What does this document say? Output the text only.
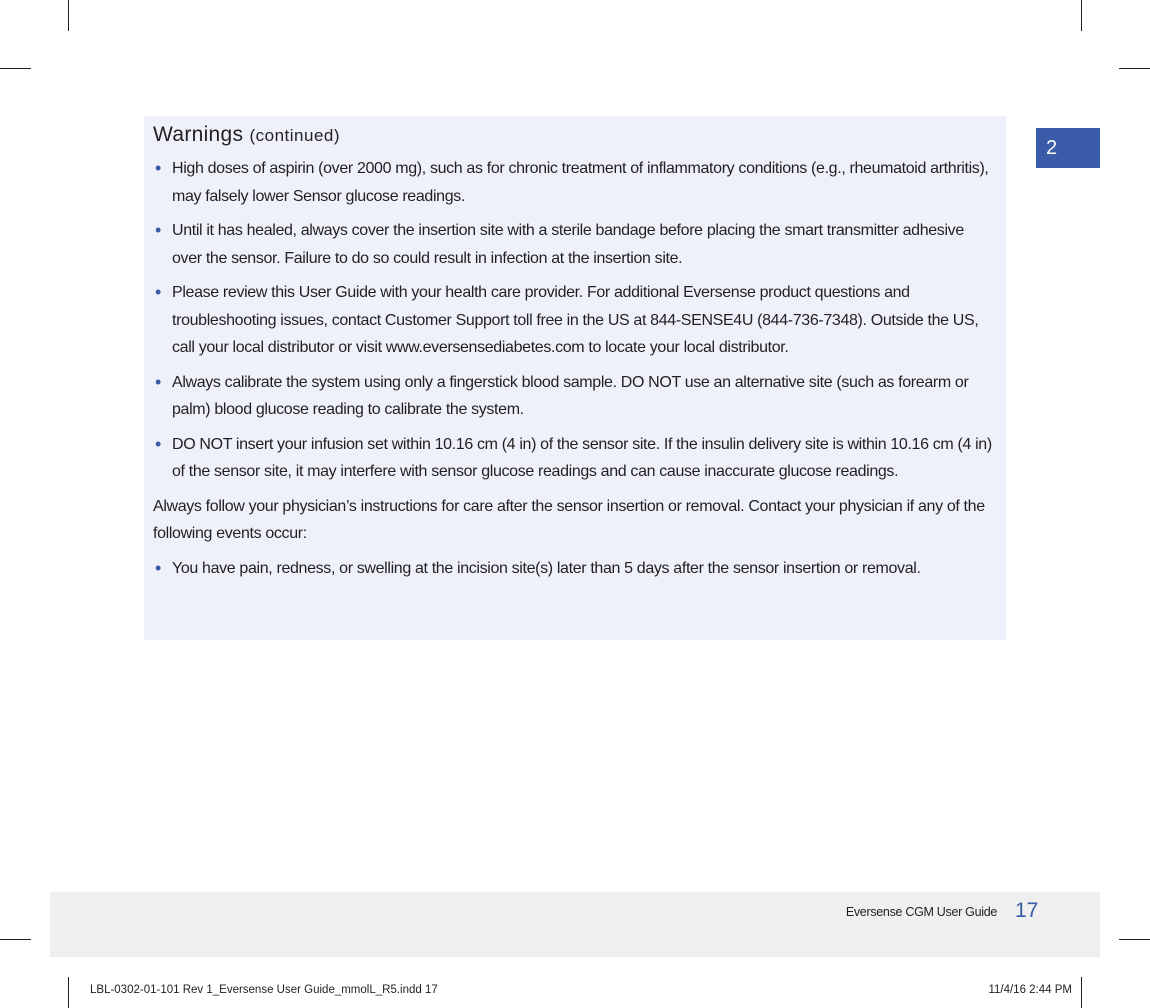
2
Warnings (continued)
• High doses of aspirin (over 2000 mg), such as for chronic treatment of inflammatory conditions (e.g., rheumatoid arthritis), may falsely lower Sensor glucose readings.
• Until it has healed, always cover the insertion site with a sterile bandage before placing the smart transmitter adhesive over the sensor. Failure to do so could result in infection at the insertion site.
• Please review this User Guide with your health care provider. For additional Eversense product questions and troubleshooting issues, contact Customer Support toll free in the US at 844-SENSE4U (844-736-7348). Outside the US, call your local distributor or visit www.eversensediabetes.com to locate your local distributor.
• Always calibrate the system using only a fingerstick blood sample. DO NOT use an alternative site (such as forearm or palm) blood glucose reading to calibrate the system.
• DO NOT insert your infusion set within 10.16 cm (4 in) of the sensor site. If the insulin delivery site is within 10.16 cm (4 in) of the sensor site, it may interfere with sensor glucose readings and can cause inaccurate glucose readings.

Always follow your physician’s instructions for care after the sensor insertion or removal. Contact your physician if any of the following events occur:

• You have pain, redness, or swelling at the incision site(s) later than 5 days after the sensor insertion or removal.
Eversense CGM User Guide 17
LBL-0302-01-101 Rev 1_Eversense User Guide_mmolL_R5.indd 17	11/4/16 2:44 PM
